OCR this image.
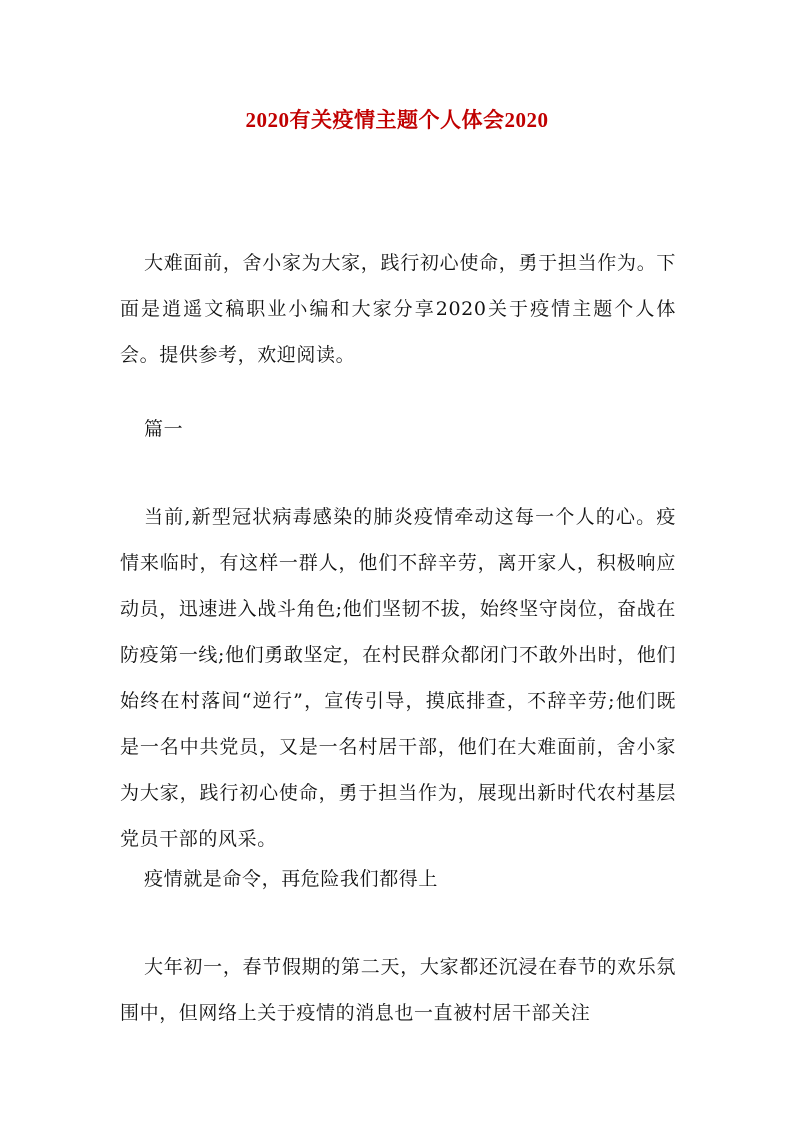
2020有关疫情主题个人体会2020

大难面前，舍小家为大家，践行初心使命，勇于担当作为。下面是逍遥文稿职业小编和大家分享2020关于疫情主题个人体会。提供参考，欢迎阅读。

篇一

当前,新型冠状病毒感染的肺炎疫情牵动这每一个人的心。疫情来临时，有这样一群人，他们不辞辛劳，离开家人，积极响应动员，迅速进入战斗角色;他们坚韧不拔，始终坚守岗位，奋战在防疫第一线;他们勇敢坚定，在村民群众都闭门不敢外出时，他们始终在村落间“逆行”，宣传引导，摸底排查，不辞辛劳;他们既是一名中共党员，又是一名村居干部，他们在大难面前，舍小家为大家，践行初心使命，勇于担当作为，展现出新时代农村基层党员干部的风采。

疫情就是命令，再危险我们都得上

大年初一，春节假期的第二天，大家都还沉浸在春节的欢乐氛围中，但网络上关于疫情的消息也一直被村居干部关注
